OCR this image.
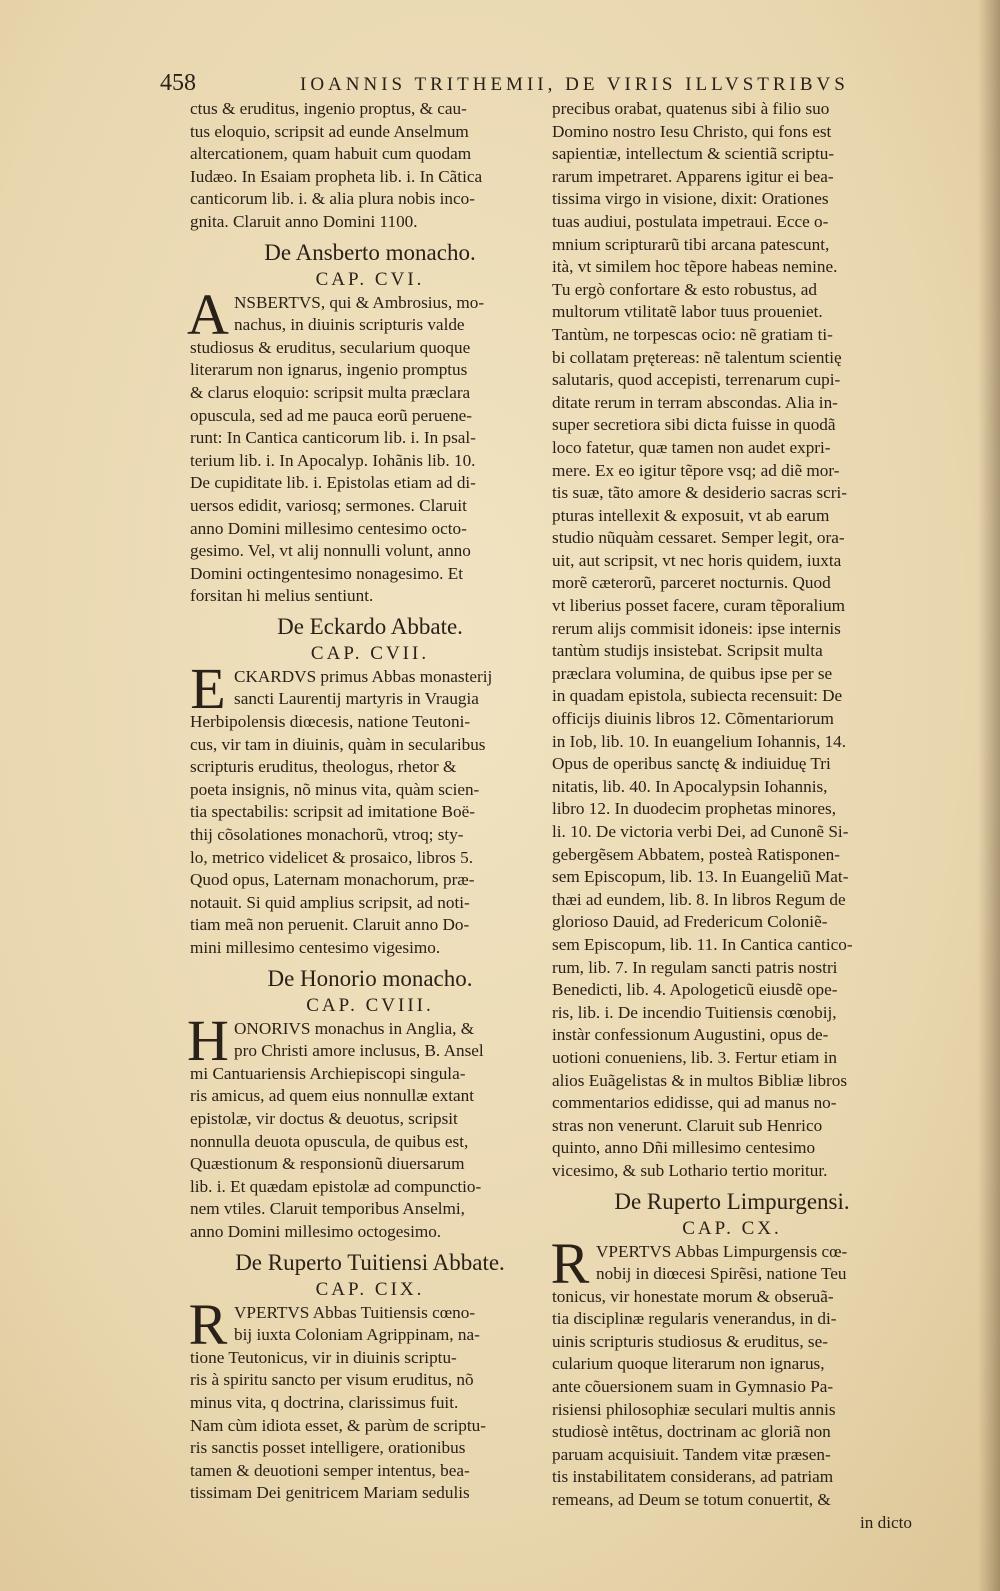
458	IOANNIS TRITHEMII, DE VIRIS ILLVSTRIBVS
ctus & eruditus, ingenio proptus, & cau-
tus eloquio, scripsit ad eunde Anselmum
altercationem, quam habuit cum quodam
Iudæo. In Esaiam propheta lib. i. In Cãtica
canticorum lib. i. & alia plura nobis inco-
gnita. Claruit anno Domini 1100.
De Ansberto monacho.
CAP. CVI.
A NSBERTVS, qui & Ambrosius, mo-
nachus, in diuinis scripturis valde
studiosus & eruditus, secularium quoque
literarum non ignarus, ingenio promptus
& clarus eloquio: scripsit multa præclara
opuscula, sed ad me pauca eorũ peruene-
runt: In Cantica canticorum lib. i. In psal-
terium lib. i. In Apocalyp. Iohãnis lib. 10.
De cupiditate lib. i. Epistolas etiam ad di-
uersos edidit, variosq; sermones. Claruit
anno Domini millesimo centesimo octo-
gesimo. Vel, vt alij nonnulli volunt, anno
Domini octingentesimo nonagesimo. Et
forsitan hi melius sentiunt.
De Eckardo Abbate.
CAP. CVII.
E CKARDVS primus Abbas monasterij
sancti Laurentij martyris in Vraugia
Herbipolensis diœcesis, natione Teutoni-
cus, vir tam in diuinis, quàm in secularibus
scripturis eruditus, theologus, rhetor &
poeta insignis, nõ minus vita, quàm scien-
tia spectabilis: scripsit ad imitatione Boë-
thij cõsolationes monachorũ, vtroq; sty-
lo, metrico videlicet & prosaico, libros 5.
Quod opus, Laternam monachorum, præ-
notauit. Si quid amplius scripsit, ad noti-
tiam meã non peruenit. Claruit anno Do-
mini millesimo centesimo vigesimo.
De Honorio monacho.
CAP. CVIII.
H ONORIVS monachus in Anglia, &
pro Christi amore inclusus, B. Ansel
mi Cantuariensis Archiepiscopi singula-
ris amicus, ad quem eius nonnullæ extant
epistolæ, vir doctus & deuotus, scripsit
nonnulla deuota opuscula, de quibus est,
Quæstionum & responsionũ diuersarum
lib. i. Et quædam epistolæ ad compunctio-
nem vtiles. Claruit temporibus Anselmi,
anno Domini millesimo octogesimo.
De Ruperto Tuitiensi Abbate.
CAP. CIX.
R VPERTVS Abbas Tuitiensis cœno-
bij iuxta Coloniam Agrippinam, na-
tione Teutonicus, vir in diuinis scriptu-
ris à spiritu sancto per visum eruditus, nõ
minus vita, q doctrina, clarissimus fuit.
Nam cùm idiota esset, & parùm de scriptu-
ris sanctis posset intelligere, orationibus
tamen & deuotioni semper intentus, bea-
tissimam Dei genitricem Mariam sedulis
precibus orabat, quatenus sibi à filio suo
Domino nostro Iesu Christo, qui fons est
sapientiæ, intellectum & scientiã scriptu-
rarum impetraret. Apparens igitur ei bea-
tissima virgo in visione, dixit: Orationes
tuas audiui, postulata impetraui. Ecce o-
mnium scripturarũ tibi arcana patescunt,
ità, vt similem hoc tẽpore habeas nemine.
Tu ergò confortare & esto robustus, ad
multorum vtilitatẽ labor tuus proueniet.
Tantùm, ne torpescas ocio: nẽ gratiam ti-
bi collatam prętereas: nẽ talentum scientię
salutaris, quod accepisti, terrenarum cupi-
ditate rerum in terram abscondas. Alia in-
super secretiora sibi dicta fuisse in quodã
loco fatetur, quæ tamen non audet expri-
mere. Ex eo igitur tẽpore vsq; ad diẽ mor-
tis suæ, tãto amore & desiderio sacras scri-
pturas intellexit & exposuit, vt ab earum
studio nũquàm cessaret. Semper legit, ora-
uit, aut scripsit, vt nec horis quidem, iuxta
morẽ cæterorũ, parceret nocturnis. Quod
vt liberius posset facere, curam tẽporalium
rerum alijs commisit idoneis: ipse internis
tantùm studijs insistebat. Scripsit multa
præclara volumina, de quibus ipse per se
in quadam epistola, subiecta recensuit: De
officijs diuinis libros 12. Cõmentariorum
in Iob, lib. 10. In euangelium Iohannis, 14.
Opus de operibus sanctę & indiuiduę Tri
nitatis, lib. 40. In Apocalypsin Iohannis,
libro 12. In duodecim prophetas minores,
li. 10. De victoria verbi Dei, ad Cunonẽ Si-
gebergẽsem Abbatem, posteà Ratisponen-
sem Episcopum, lib. 13. In Euangeliũ Mat-
thæi ad eundem, lib. 8. In libros Regum de
glorioso Dauid, ad Fredericum Coloniẽ-
sem Episcopum, lib. 11. In Cantica cantico-
rum, lib. 7. In regulam sancti patris nostri
Benedicti, lib. 4. Apologeticũ eiusdẽ ope-
ris, lib. i. De incendio Tuitiensis cœnobij,
instàr confessionum Augustini, opus de-
uotioni conueniens, lib. 3. Fertur etiam in
alios Euãgelistas & in multos Bibliæ libros
commentarios edidisse, qui ad manus no-
stras non venerunt. Claruit sub Henrico
quinto, anno Dñi millesimo centesimo
vicesimo, & sub Lothario tertio moritur.
De Ruperto Limpurgensi.
CAP. CX.
R VPERTVS Abbas Limpurgensis cœ-
nobij in diœcesi Spirẽsi, natione Teu
tonicus, vir honestate morum & obseruã-
tia disciplinæ regularis venerandus, in di-
uinis scripturis studiosus & eruditus, se-
cularium quoque literarum non ignarus,
ante cõuersionem suam in Gymnasio Pa-
risiensi philosophiæ seculari multis annis
studiosè intẽtus, doctrinam ac gloriã non
paruam acquisiuit. Tandem vitæ præsen-
tis instabilitatem considerans, ad patriam
remeans, ad Deum se totum conuertit, &
in dicto
